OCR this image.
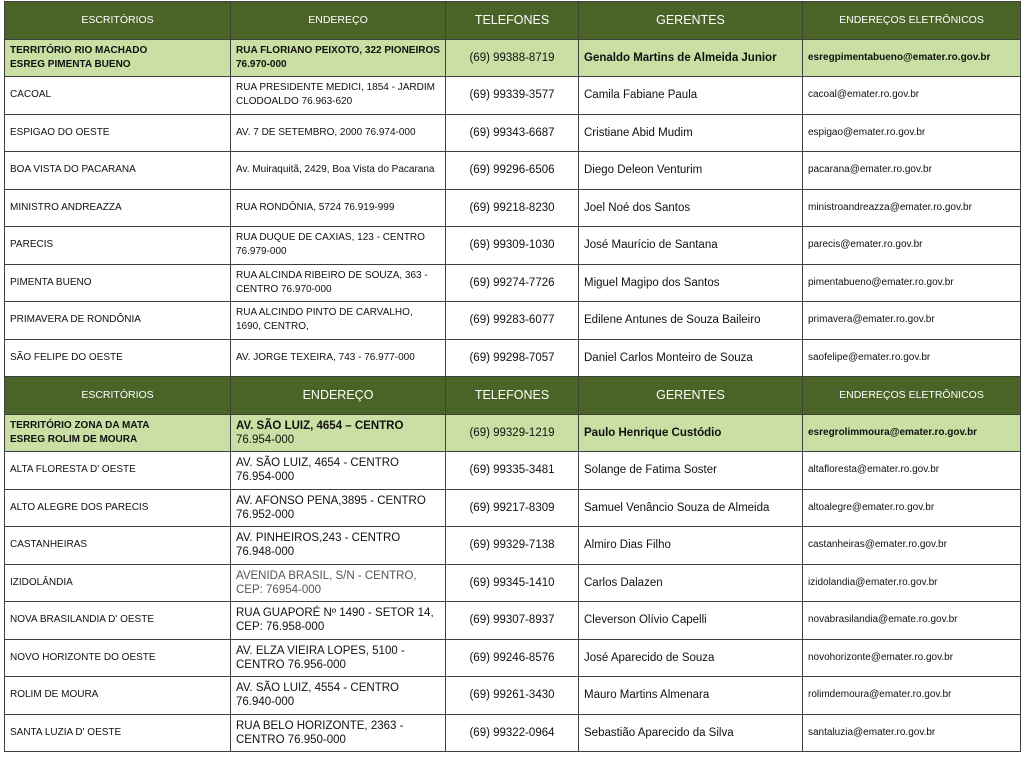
ESCRITÓRIOS	ENDEREÇO	TELEFONES	GERENTES	ENDEREÇOS ELETRÔNICOS

TERRITÓRIO RIO MACHADO
ESREG PIMENTA BUENO	RUA FLORIANO PEIXOTO, 322 PIONEIROS 76.970-000	(69) 99388-8719	Genaldo Martins de Almeida Junior	esregpimentabueno@emater.ro.gov.br
CACOAL	RUA PRESIDENTE MEDICI, 1854 - JARDIM CLODOALDO 76.963-620	(69) 99339-3577	Camila Fabiane Paula	cacoal@emater.ro.gov.br
ESPIGAO DO OESTE	AV. 7 DE SETEMBRO, 2000 76.974-000	(69) 99343-6687	Cristiane Abid Mudim	espigao@emater.ro.gov.br
BOA VISTA DO PACARANA	Av. Muiraquitã, 2429, Boa Vista do Pacarana	(69) 99296-6506	Diego Deleon Venturim	pacarana@emater.ro.gov.br
MINISTRO ANDREAZZA	RUA RONDÔNIA, 5724 76.919-999	(69) 99218-8230	Joel Noé dos Santos	ministroandreazza@emater.ro.gov.br
PARECIS	RUA DUQUE DE CAXIAS, 123 - CENTRO 76.979-000	(69) 99309-1030	José Maurício de Santana	parecis@emater.ro.gov.br
PIMENTA BUENO	RUA ALCINDA RIBEIRO DE SOUZA, 363 - CENTRO 76.970-000	(69) 99274-7726	Miguel Magipo dos Santos	pimentabueno@emater.ro.gov.br
PRIMAVERA DE RONDÔNIA	RUA ALCINDO PINTO DE CARVALHO, 1690, CENTRO,	(69) 99283-6077	Edilene Antunes de Souza Baileiro	primavera@emater.ro.gov.br
SÃO FELIPE DO OESTE	AV. JORGE TEXEIRA, 743 - 76.977-000	(69) 99298-7057	Daniel Carlos Monteiro de Souza	saofelipe@emater.ro.gov.br
ESCRITÓRIOS	ENDEREÇO	TELEFONES	GERENTES	ENDEREÇOS ELETRÔNICOS

TERRITÓRIO ZONA DA MATA
ESREG ROLIM DE MOURA	AV. SÃO LUIZ, 4654 – CENTRO 76.954-000	(69) 99329-1219	Paulo Henrique Custódio	esregrolimmoura@emater.ro.gov.br
ALTA FLORESTA D' OESTE	AV. SÃO LUIZ, 4654 - CENTRO 76.954-000	(69) 99335-3481	Solange de Fatima Soster	altafloresta@emater.ro.gov.br
ALTO ALEGRE DOS PARECIS	AV. AFONSO PENA,3895 - CENTRO 76.952-000	(69) 99217-8309	Samuel Venâncio Souza de Almeida	altoalegre@emater.ro.gov.br
CASTANHEIRAS	AV. PINHEIROS,243 - CENTRO 76.948-000	(69) 99329-7138	Almiro Dias Filho	castanheiras@emater.ro.gov.br
IZIDOLÂNDIA	AVENIDA BRASIL, S/N - CENTRO, CEP: 76954-000	(69) 99345-1410	Carlos Dalazen	izidolandia@emater.ro.gov.br
NOVA BRASILANDIA D' OESTE	RUA GUAPORÉ Nº 1490 - SETOR 14, CEP: 76.958-000	(69) 99307-8937	Cleverson Olívio Capelli	novabrasilandia@emate.ro.gov.br
NOVO HORIZONTE DO OESTE	AV. ELZA VIEIRA LOPES, 5100 - CENTRO 76.956-000	(69) 99246-8576	José Aparecido de Souza	novohorizonte@emater.ro.gov.br
ROLIM DE MOURA	AV. SÃO LUIZ, 4554 - CENTRO 76.940-000	(69) 99261-3430	Mauro Martins Almenara	rolimdemoura@emater.ro.gov.br
SANTA LUZIA D' OESTE	RUA BELO HORIZONTE, 2363 - CENTRO 76.950-000	(69) 99322-0964	Sebastião Aparecido da Silva	santaluzia@emater.ro.gov.br
